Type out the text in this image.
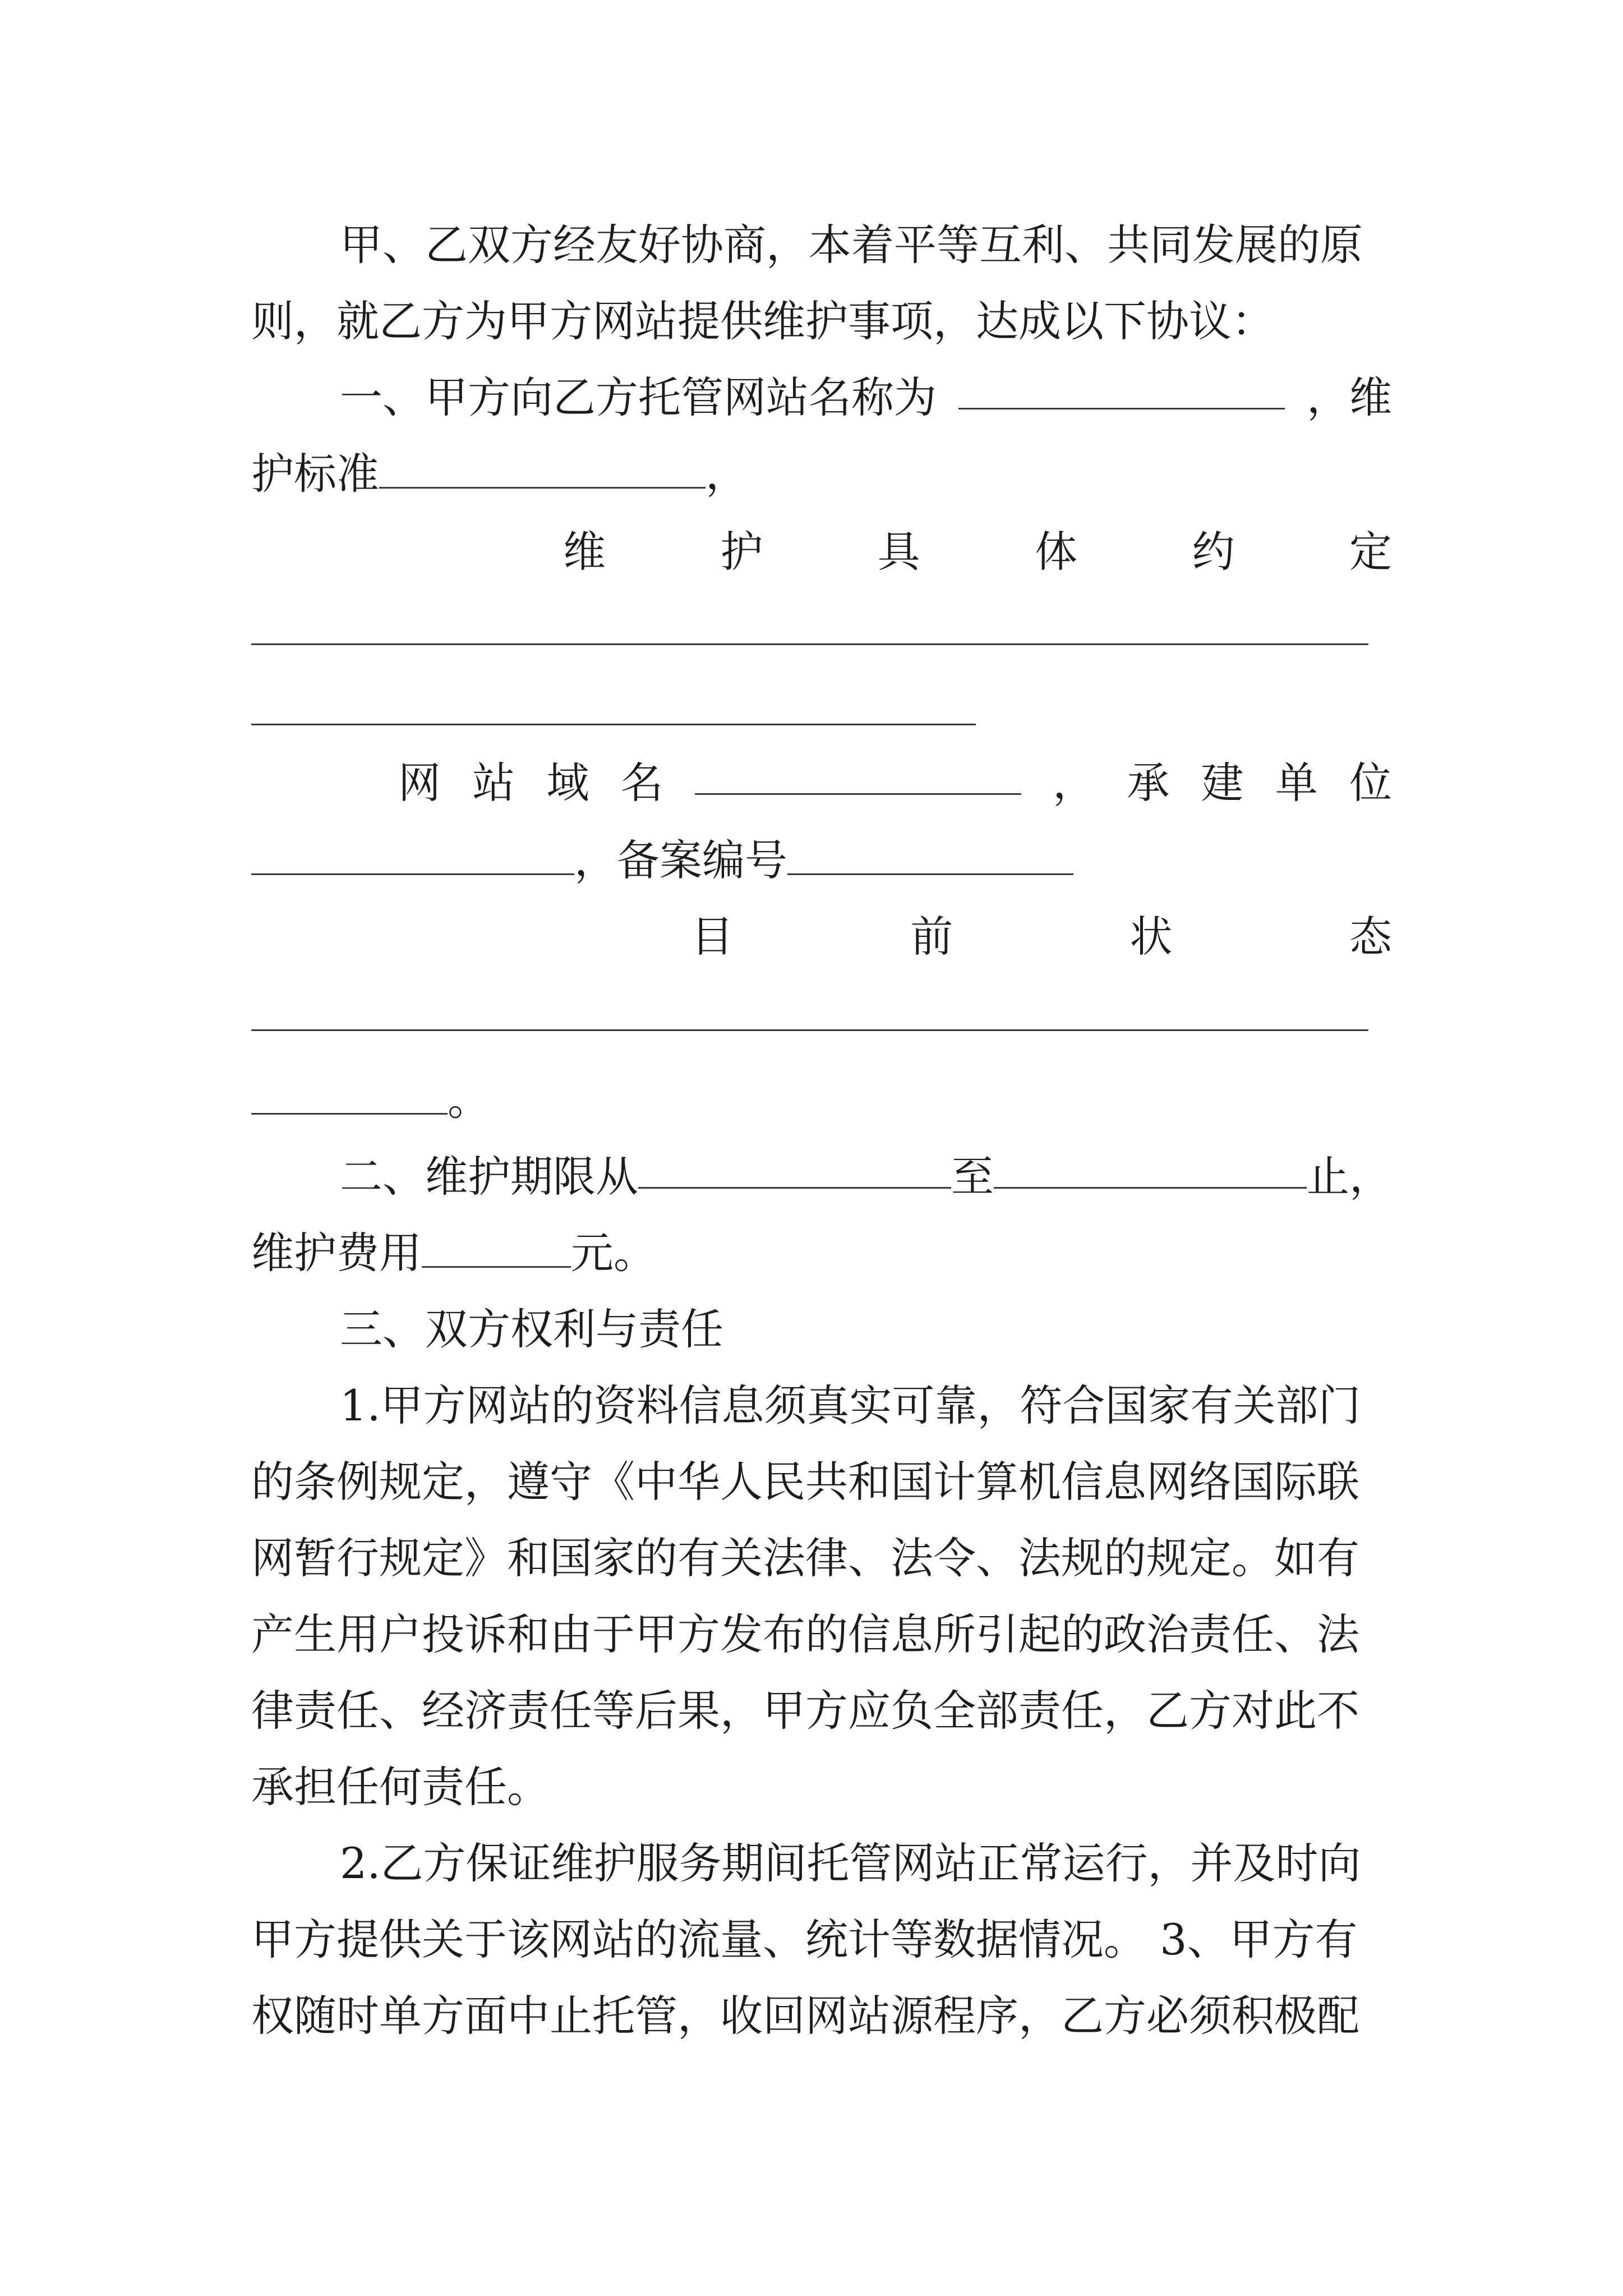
甲、乙双方经友好协商，本着平等互利、共同发展的原
则，就乙方为甲方网站提供维护事项，达成以下协议：
一、甲方向乙方托管网站名称为	，维
护标准	，
维	护	具	体	约	定
网 站 域 名	， 承 建 单 位
，备案编号
目	前	状	态
。
二、维护期限从	至	止，
维护费用	元。
三、双方权利与责任
1.甲方网站的资料信息须真实可靠，符合国家有关部门
的条例规定，遵守《中华人民共和国计算机信息网络国际联
网暂行规定》和国家的有关法律、法令、法规的规定。如有
产生用户投诉和由于甲方发布的信息所引起的政治责任、法
律责任、经济责任等后果，甲方应负全部责任，乙方对此不
承担任何责任。
2.乙方保证维护服务期间托管网站正常运行，并及时向
甲方提供关于该网站的流量、统计等数据情况。 3、甲方有
权随时单方面中止托管，收回网站源程序，乙方必须积极配
